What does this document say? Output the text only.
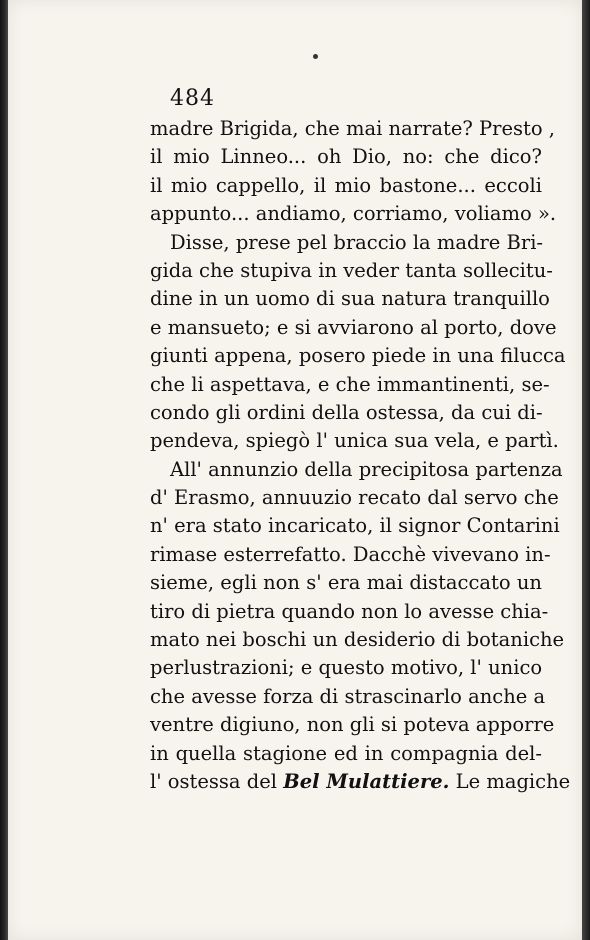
484
madre Brigida, che mai narrate? Presto ,
il mio Linneo... oh Dio, no: che dico?
il mio cappello, il mio bastone... eccoli
appunto... andiamo, corriamo, voliamo ».
Disse, prese pel braccio la madre Bri-
gida che stupiva in veder tanta sollecitu-
dine in un uomo di sua natura tranquillo
e mansueto; e si avviarono al porto, dove
giunti appena, posero piede in una filucca
che li aspettava, e che immantinenti, se-
condo gli ordini della ostessa, da cui di-
pendeva, spiegò l' unica sua vela, e partì.
All' annunzio della precipitosa partenza
d' Erasmo, annuuzio recato dal servo che
n' era stato incaricato, il signor Contarini
rimase esterrefatto. Dacchè vivevano in-
sieme, egli non s' era mai distaccato un
tiro di pietra quando non lo avesse chia-
mato nei boschi un desiderio di botaniche
perlustrazioni; e questo motivo, l' unico
che avesse forza di strascinarlo anche a
ventre digiuno, non gli si poteva apporre
in quella stagione ed in compagnia del-
l' ostessa del Bel Mulattiere. Le magiche
